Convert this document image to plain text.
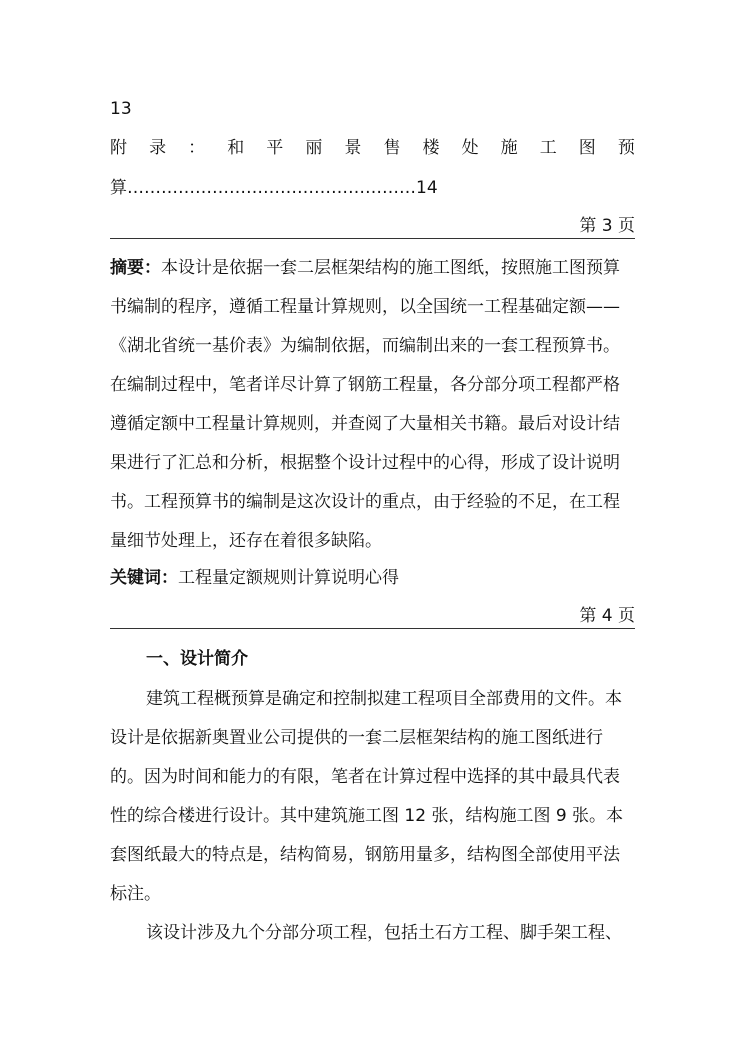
13
附 录 ： 和 平 丽 景 售 楼 处 施 工 图 预
算……………………………………………14
第 3 页
摘要：本设计是依据一套二层框架结构的施工图纸，按照施工图预算
书编制的程序，遵循工程量计算规则，以全国统一工程基础定额——
《湖北省统一基价表》为编制依据，而编制出来的一套工程预算书。
在编制过程中，笔者详尽计算了钢筋工程量，各分部分项工程都严格
遵循定额中工程量计算规则，并查阅了大量相关书籍。最后对设计结
果进行了汇总和分析，根据整个设计过程中的心得，形成了设计说明
书。工程预算书的编制是这次设计的重点，由于经验的不足，在工程
量细节处理上，还存在着很多缺陷。
关键词：工程量定额规则计算说明心得
第 4 页
一、设计简介
建筑工程概预算是确定和控制拟建工程项目全部费用的文件。本
设计是依据新奥置业公司提供的一套二层框架结构的施工图纸进行
的。因为时间和能力的有限，笔者在计算过程中选择的其中最具代表
性的综合楼进行设计。其中建筑施工图 12 张，结构施工图 9 张。本
套图纸最大的特点是，结构简易，钢筋用量多，结构图全部使用平法
标注。
该设计涉及九个分部分项工程，包括土石方工程、脚手架工程、
